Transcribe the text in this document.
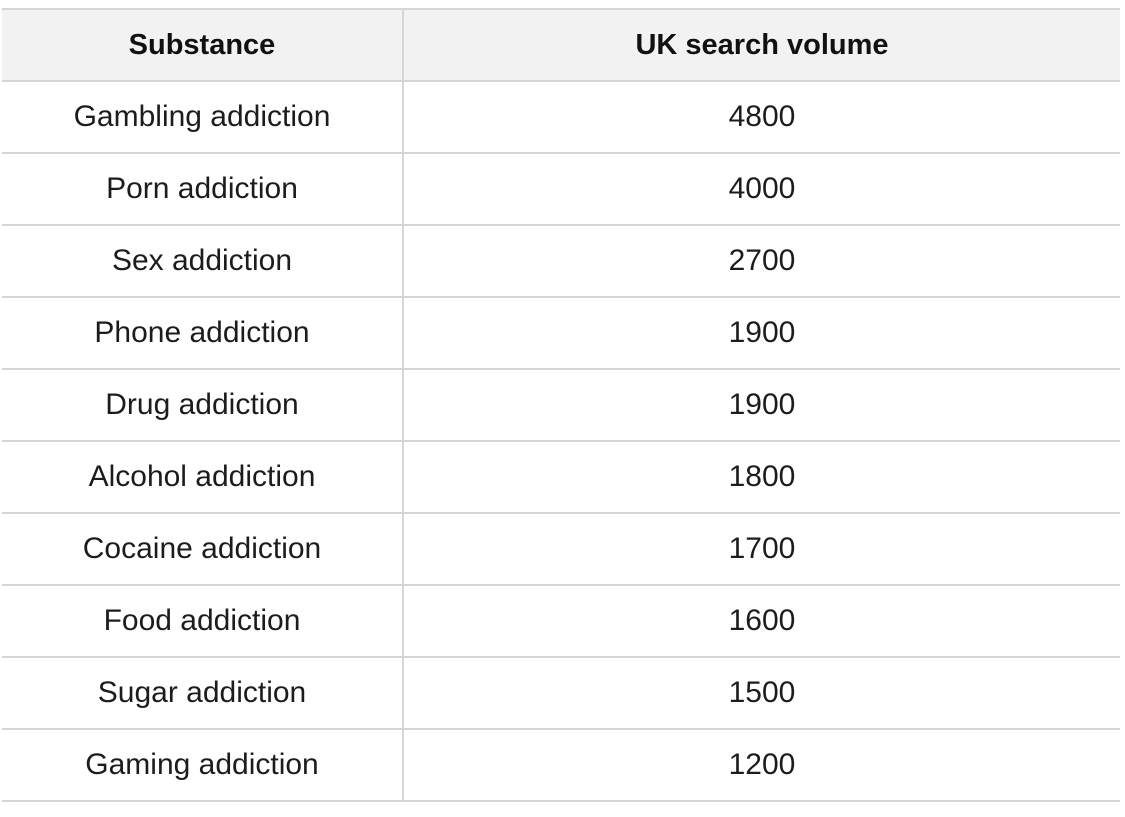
Substance	UK search volume
Gambling addiction	4800
Porn addiction	4000
Sex addiction	2700
Phone addiction	1900
Drug addiction	1900
Alcohol addiction	1800
Cocaine addiction	1700
Food addiction	1600
Sugar addiction	1500
Gaming addiction	1200
